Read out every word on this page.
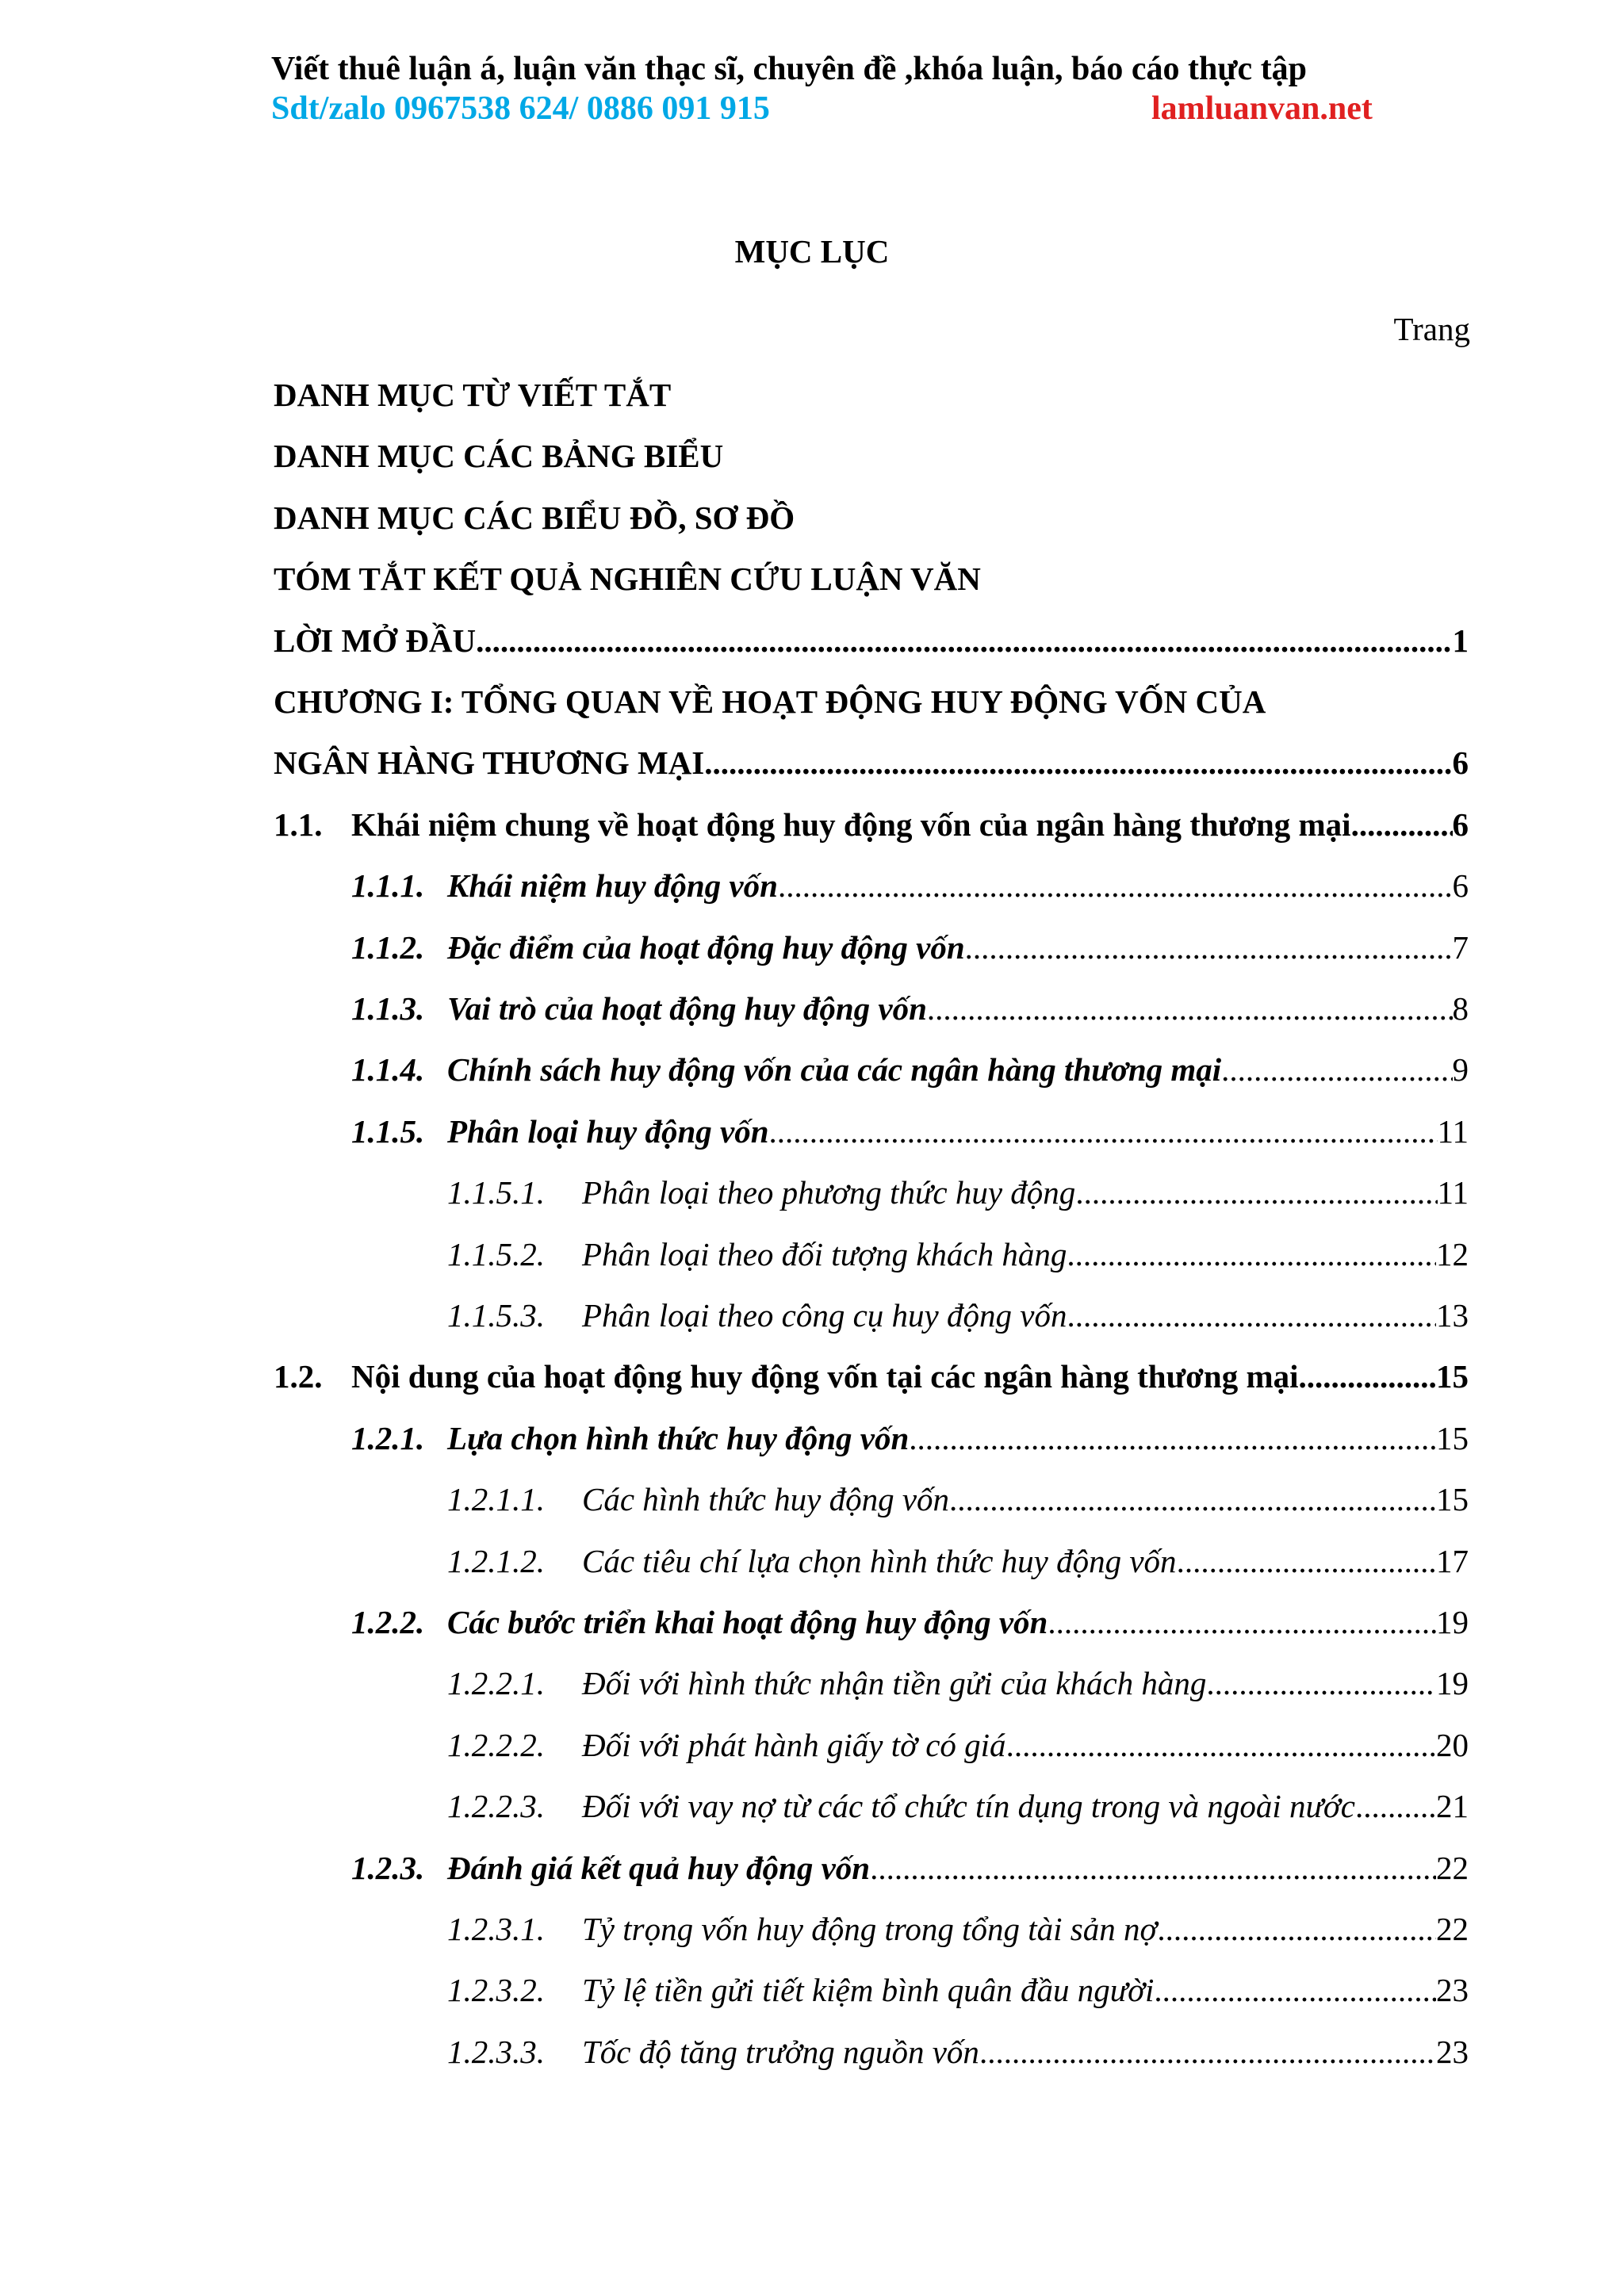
Viết thuê luận á, luận văn thạc sĩ, chuyên đề ,khóa luận, báo cáo thực tập
Sdt/zalo 0967538 624/ 0886 091 915	lamluanvan.net
MỤC LỤC
Trang
DANH MỤC TỪ VIẾT TẮT
DANH MỤC CÁC BẢNG BIỂU
DANH MỤC CÁC BIỂU ĐỒ, SƠ ĐỒ
TÓM TẮT KẾT QUẢ NGHIÊN CỨU LUẬN VĂN
LỜI MỞ ĐẦU .....	1
CHƯƠNG I: TỔNG QUAN VỀ HOẠT ĐỘNG HUY ĐỘNG VỐN CỦA
NGÂN HÀNG THƯƠNG MẠI .....	6
1.1. Khái niệm chung về hoạt động huy động vốn của ngân hàng thương mại .....	6
1.1.1. Khái niệm huy động vốn .....	6
1.1.2. Đặc điểm của hoạt động huy động vốn .....	7
1.1.3. Vai trò của hoạt động huy động vốn .....	8
1.1.4. Chính sách huy động vốn của các ngân hàng thương mại .....	9
1.1.5. Phân loại huy động vốn .....	11
1.1.5.1.	Phân loại theo phương thức huy động .....	11
1.1.5.2.	Phân loại theo đối tượng khách hàng .....	12
1.1.5.3.	Phân loại theo công cụ huy động vốn .....	13
1.2. Nội dung của hoạt động huy động vốn tại các ngân hàng thương mại .....	15
1.2.1. Lựa chọn hình thức huy động vốn .....	15
1.2.1.1.	Các hình thức huy động vốn .....	15
1.2.1.2.	Các tiêu chí lựa chọn hình thức huy động vốn .....	17
1.2.2. Các bước triển khai hoạt động huy động vốn .....	19
1.2.2.1.	Đối với hình thức nhận tiền gửi của khách hàng .....	19
1.2.2.2.	Đối với phát hành giấy tờ có giá .....	20
1.2.2.3.	Đối với vay nợ từ các tổ chức tín dụng trong và ngoài nước ..... 21
1.2.3. Đánh giá kết quả huy động vốn .....	22
1.2.3.1.	Tỷ trọng vốn huy động trong tổng tài sản nợ .....	22
1.2.3.2.	Tỷ lệ tiền gửi tiết kiệm bình quân đầu người .....	23
1.2.3.3.	Tốc độ tăng trưởng nguồn vốn .....	23
